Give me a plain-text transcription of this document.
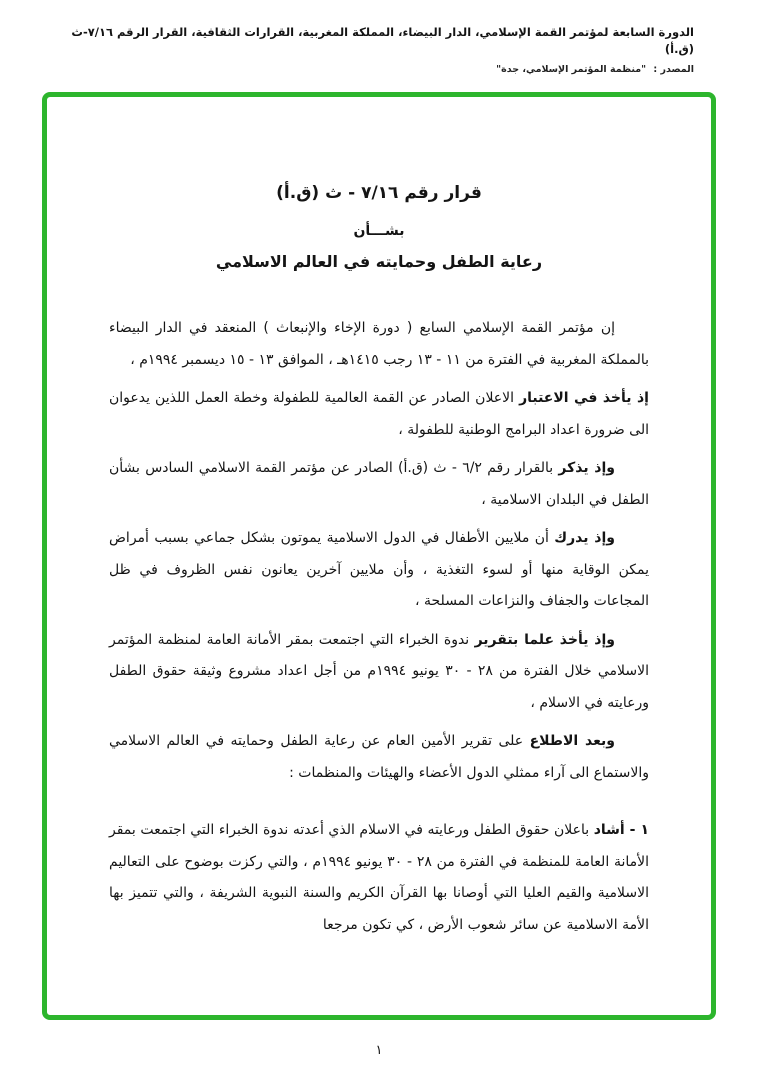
الدورة السابعة لمؤتمر القمة الإسلامي، الدار البيضاء، المملكة المغربية، القرارات الثقافية، القرار الرقم ٧/١٦-ث (ق.أ)
المصدر : "منظمة المؤتمر الإسلامي، جدة"
قرار رقم ٧/١٦ - ث (ق.أ)
بشـــأن
رعاية الطفل وحمايته في العالم الاسلامي

إن مؤتمر القمة الإسلامي السابع ( دورة الإخاء والإنبعاث ) المنعقد في الدار البيضاء بالمملكة المغربية في الفترة من ١١ - ١٣ رجب ١٤١٥هـ ، الموافق ١٣ - ١٥ ديسمبر ١٩٩٤م ،

إذ يأخذ في الاعتبار الاعلان الصادر عن القمة العالمية للطفولة وخطة العمل اللذين يدعوان الى ضرورة اعداد البرامج الوطنية للطفولة ،

وإذ يذكر بالقرار رقم ٦/٢ - ث (ق.أ) الصادر عن مؤتمر القمة الاسلامي السادس بشأن الطفل في البلدان الاسلامية ،

وإذ يدرك أن ملايين الأطفال في الدول الاسلامية يموتون بشكل جماعي بسبب أمراض يمكن الوقاية منها أو لسوء التغذية ، وأن ملايين آخرين يعانون نفس الظروف في ظل المجاعات والجفاف والنزاعات المسلحة ،

وإذ يأخذ علما بتقرير ندوة الخبراء التي اجتمعت بمقر الأمانة العامة لمنظمة المؤتمر الاسلامي خلال الفترة من ٢٨ - ٣٠ يونيو ١٩٩٤م من أجل اعداد مشروع وثيقة حقوق الطفل ورعايته في الاسلام ،

وبعد الاطلاع على تقرير الأمين العام عن رعاية الطفل وحمايته في العالم الاسلامي والاستماع الى آراء ممثلي الدول الأعضاء والهيئات والمنظمات :

١ - أشاد باعلان حقوق الطفل ورعايته في الاسلام الذي أعدته ندوة الخبراء التي اجتمعت بمقر الأمانة العامة للمنظمة في الفترة من ٢٨ - ٣٠ يونيو ١٩٩٤م ، والتي ركزت بوضوح على التعاليم الاسلامية والقيم العليا التي أوصانا بها القرآن الكريم والسنة النبوية الشريفة ، والتي تتميز بها الأمة الاسلامية عن سائر شعوب الأرض ، كي تكون مرجعا

١
